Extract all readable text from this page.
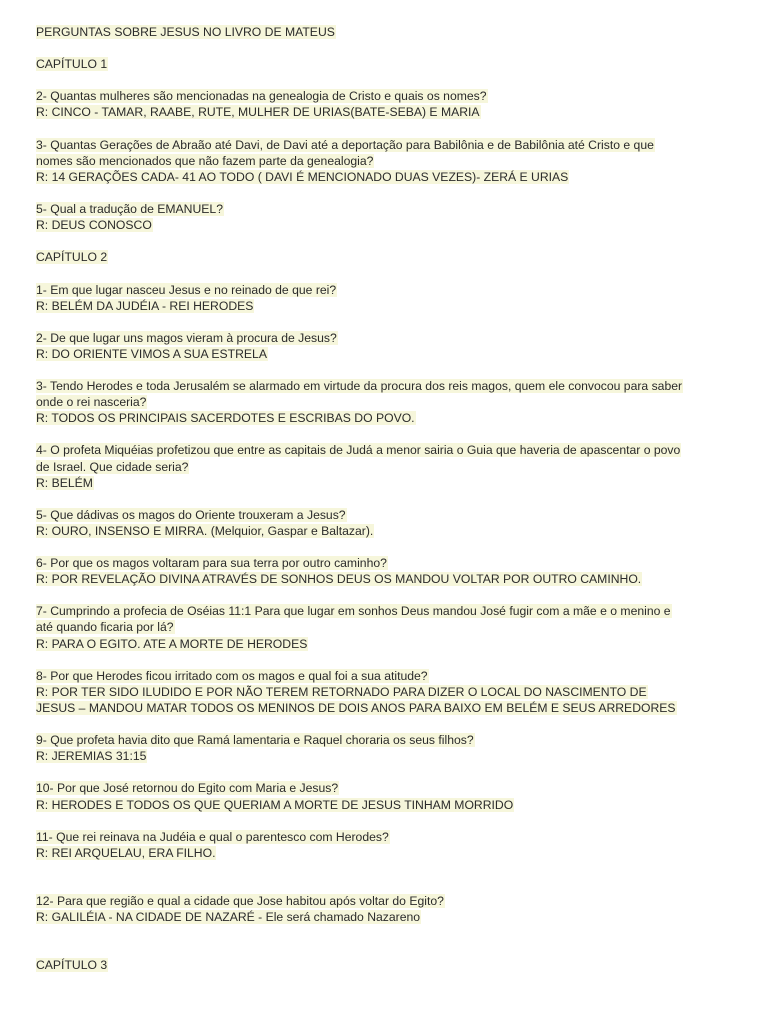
PERGUNTAS SOBRE JESUS NO LIVRO DE MATEUS
CAPÍTULO 1
2- Quantas mulheres são mencionadas na genealogia de Cristo e quais os nomes?
R: CINCO - TAMAR, RAABE, RUTE, MULHER DE URIAS(BATE-SEBA) E MARIA
3- Quantas Gerações de Abraão até Davi, de Davi até a deportação para Babilônia e de Babilônia até Cristo e que
nomes são mencionados que não fazem parte da genealogia?
R: 14 GERAÇÕES CADA- 41 AO TODO ( DAVI É MENCIONADO DUAS VEZES)- ZERÁ E URIAS
5- Qual a tradução de EMANUEL?
R: DEUS CONOSCO
CAPÍTULO 2
1- Em que lugar nasceu Jesus e no reinado de que rei?
R: BELÉM DA JUDÉIA - REI HERODES
2- De que lugar uns magos vieram à procura de Jesus?
R: DO ORIENTE VIMOS A SUA ESTRELA
3- Tendo Herodes e toda Jerusalém se alarmado em virtude da procura dos reis magos, quem ele convocou para saber
onde o rei nasceria?
R: TODOS OS PRINCIPAIS SACERDOTES E ESCRIBAS DO POVO.
4- O profeta Miquéias profetizou que entre as capitais de Judá a menor sairia o Guia que haveria de apascentar o povo
de Israel. Que cidade seria?
R: BELÉM
5- Que dádivas os magos do Oriente trouxeram a Jesus?
R: OURO, INSENSO E MIRRA. (Melquior, Gaspar e Baltazar).
6- Por que os magos voltaram para sua terra por outro caminho?
R: POR REVELAÇÃO DIVINA ATRAVÉS DE SONHOS DEUS OS MANDOU VOLTAR POR OUTRO CAMINHO.
7- Cumprindo a profecia de Oséias 11:1 Para que lugar em sonhos Deus mandou José fugir com a mãe e o menino e
até quando ficaria por lá?
R: PARA O EGITO. ATE A MORTE DE HERODES
8- Por que Herodes ficou irritado com os magos e qual foi a sua atitude?
R: POR TER SIDO ILUDIDO E POR NÃO TEREM RETORNADO PARA DIZER O LOCAL DO NASCIMENTO DE
JESUS – MANDOU MATAR TODOS OS MENINOS DE DOIS ANOS PARA BAIXO EM BELÉM E SEUS ARREDORES
9- Que profeta havia dito que Ramá lamentaria e Raquel choraria os seus filhos?
R: JEREMIAS 31:15
10- Por que José retornou do Egito com Maria e Jesus?
R: HERODES E TODOS OS QUE QUERIAM A MORTE DE JESUS TINHAM MORRIDO
11- Que rei reinava na Judéia e qual o parentesco com Herodes?
R: REI ARQUELAU, ERA FILHO.
12- Para que região e qual a cidade que Jose habitou após voltar do Egito?
R: GALILÉIA - NA CIDADE DE NAZARÉ - Ele será chamado Nazareno
CAPÍTULO 3
